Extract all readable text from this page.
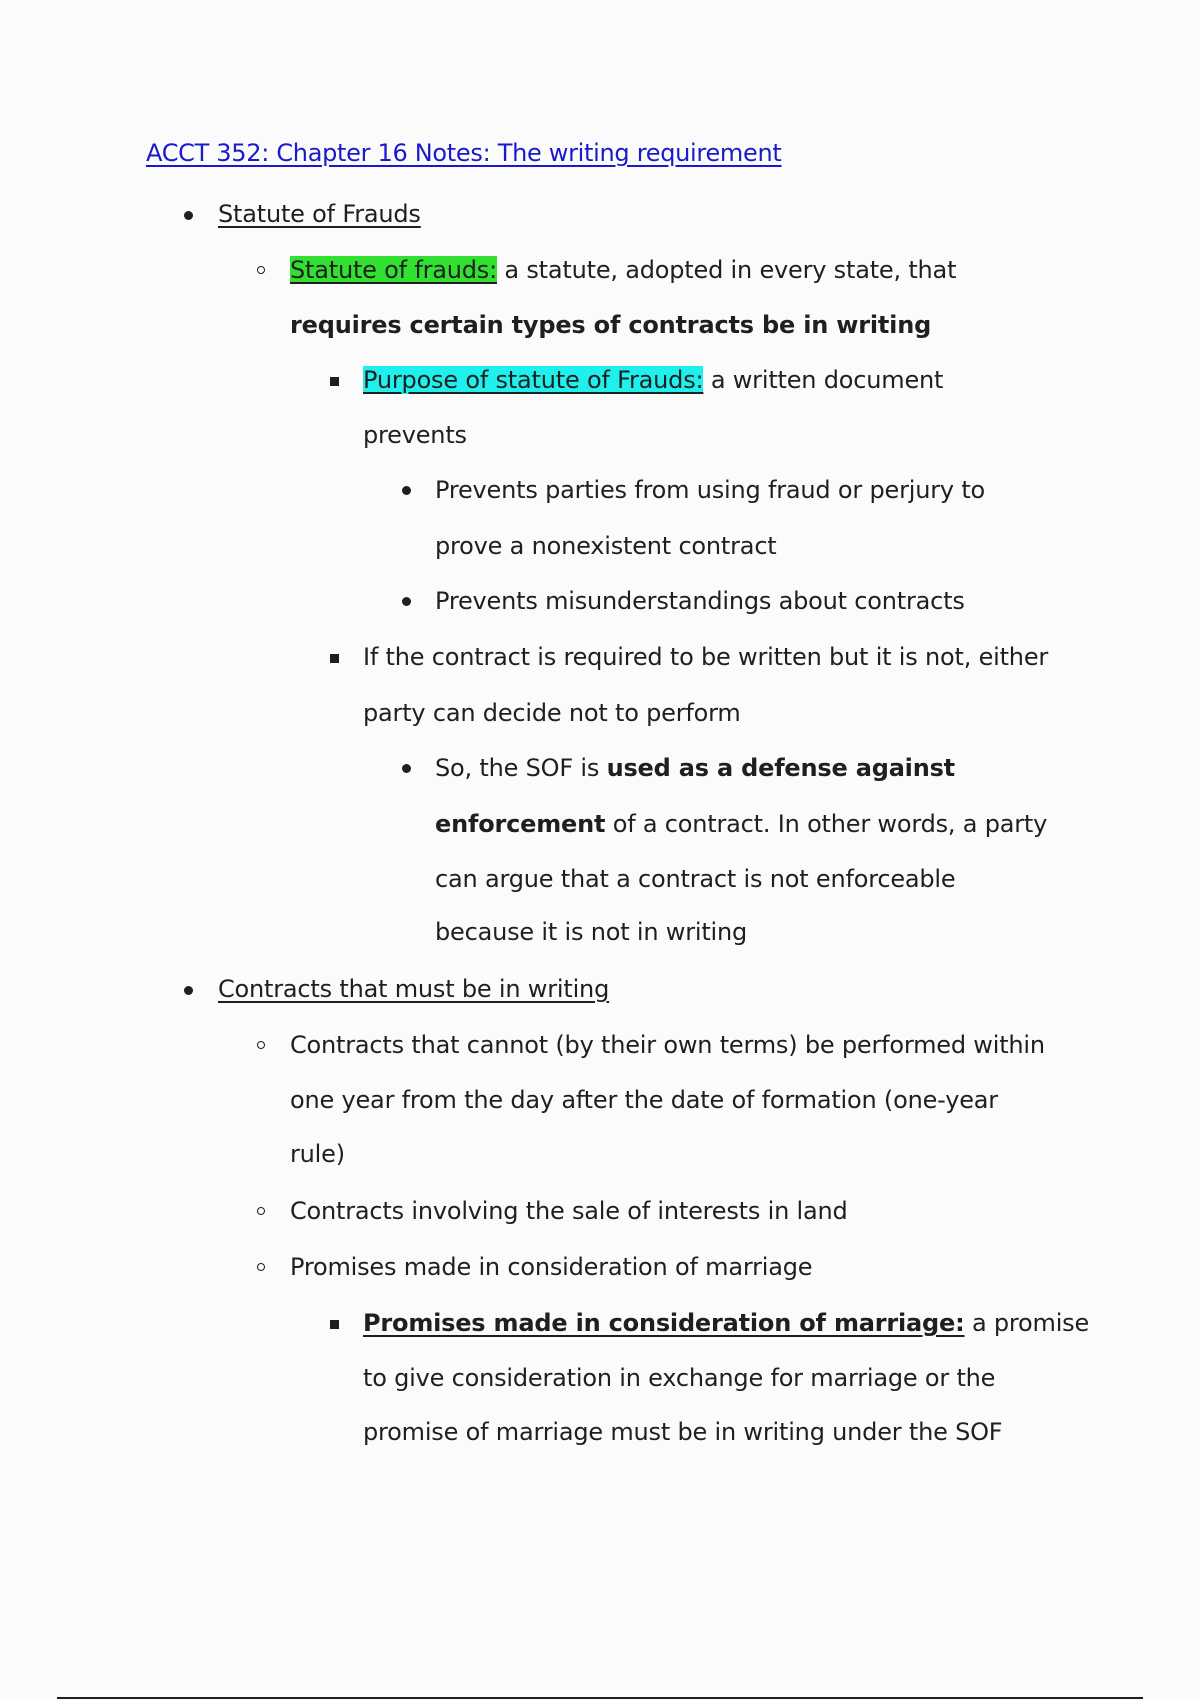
ACCT 352: Chapter 16 Notes: The writing requirement
Statute of Frauds
Statute of frauds: a statute, adopted in every state, that
requires certain types of contracts be in writing
Purpose of statute of Frauds: a written document
prevents
Prevents parties from using fraud or perjury to
prove a nonexistent contract
Prevents misunderstandings about contracts
If the contract is required to be written but it is not, either
party can decide not to perform
So, the SOF is used as a defense against
enforcement of a contract. In other words, a party
can argue that a contract is not enforceable
because it is not in writing
Contracts that must be in writing
Contracts that cannot (by their own terms) be performed within
one year from the day after the date of formation (one-year
rule)
Contracts involving the sale of interests in land
Promises made in consideration of marriage
Promises made in consideration of marriage: a promise
to give consideration in exchange for marriage or the
promise of marriage must be in writing under the SOF
